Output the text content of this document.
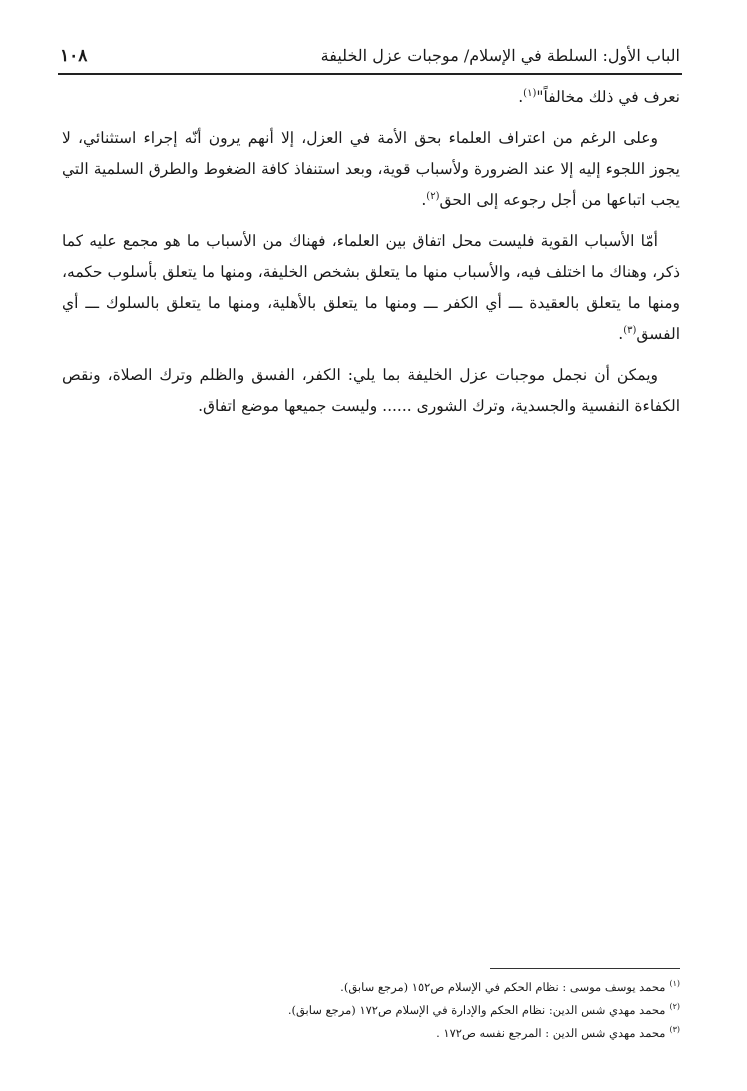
الباب الأول: السلطة في الإسلام/ موجبات عزل الخليفة
١٠٨

نعرف في ذلك مخالفاً"$^{(١)}$.

وعلى الرغم من اعتراف العلماء بحق الأمة في العزل، إلا أنهم يرون أنّه إجراء استثنائي، لا يجوز اللجوء إليه إلا عند الضرورة ولأسباب قوية، وبعد استنفاذ كافة الضغوط والطرق السلمية التي يجب اتباعها من أجل رجوعه إلى الحق$^{(٢)}$.

أمّا الأسباب القوية فليست محل اتفاق بين العلماء، فهناك من الأسباب ما هو مجمع عليه كما ذكر، وهناك ما اختلف فيه، والأسباب منها ما يتعلق بشخص الخليفة، ومنها ما يتعلق بأسلوب حكمه، ومنها ما يتعلق بالعقيدة ـــ أي الكفر ـــ ومنها ما يتعلق بالأهلية، ومنها ما يتعلق بالسلوك ـــ أي الفسق$^{(٣)}$.

ويمكن أن نجمل موجبات عزل الخليفة بما يلي: الكفر، الفسق والظلم وترك الصلاة، ونقص الكفاءة النفسية والجسدية، وترك الشورى ...... وليست جميعها موضع اتفاق.

$^{(١)}$محمد يوسف موسى : نظام الحكم في الإسلام ص١٥٢ (مرجع سابق).
$^{(٢)}$محمد مهدي شس الدين: نظام الحكم والإدارة في الإسلام ص١٧٢ (مرجع سابق).
$^{(٣)}$محمد مهدي شس الدين : المرجع نفسه ص١٧٢ .
